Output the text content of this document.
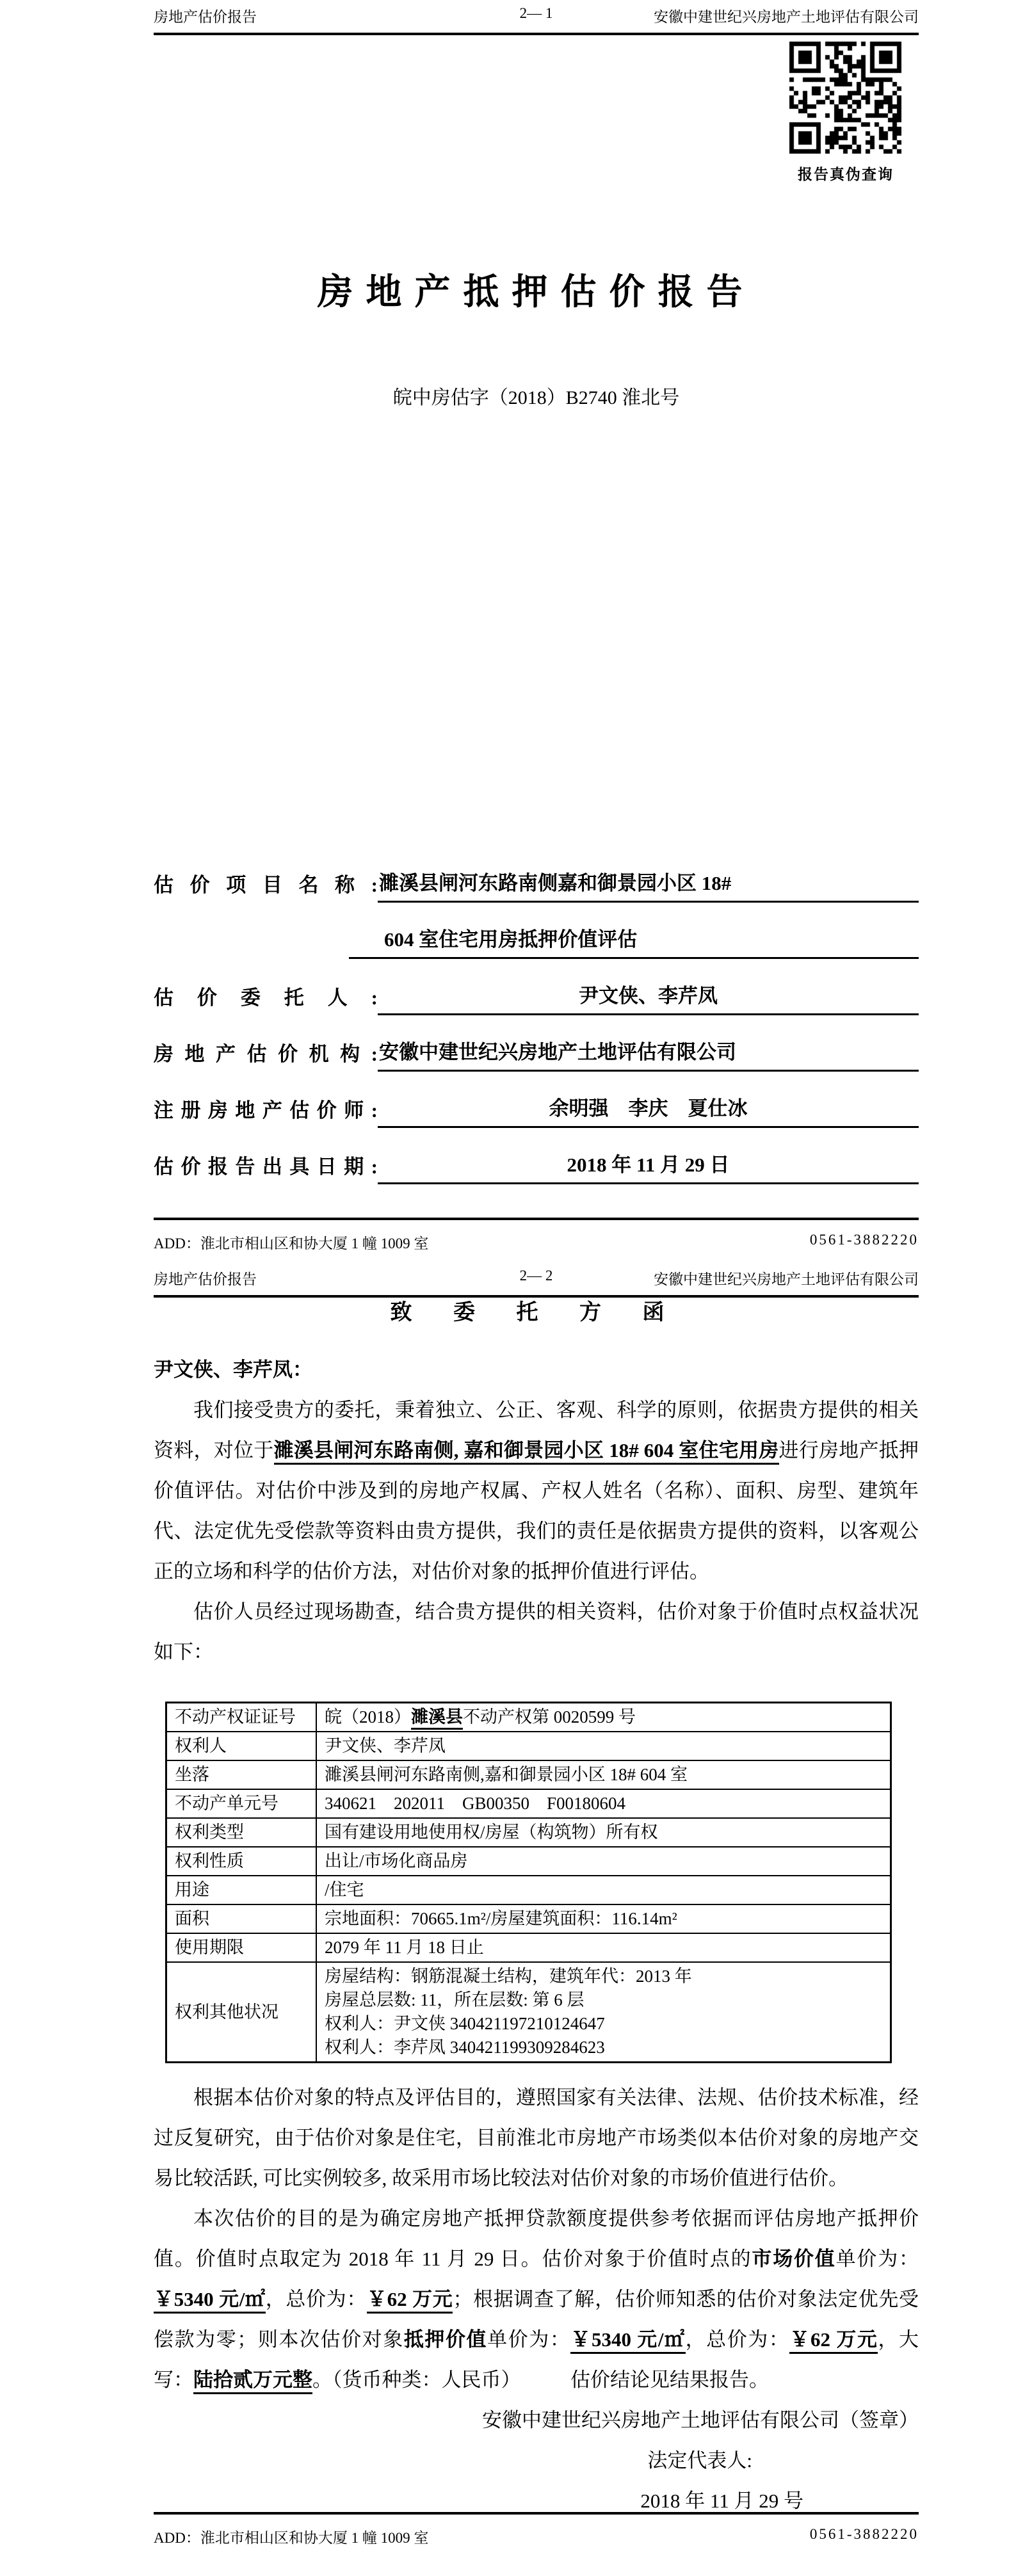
房地产估价报告	2— 1	安徽中建世纪兴房地产土地评估有限公司
报告真伪查询
房地产抵押估价报告
皖中房估字（2018）B2740 淮北号
估价项目名称: 濉溪县闸河东路南侧嘉和御景园小区 18#
604 室住宅用房抵押价值评估
估价委托人:	尹文侠、李芹凤
房地产估价机构: 安徽中建世纪兴房地产土地评估有限公司
注册房地产估价师:	余明强　李庆　夏仕冰
估价报告出具日期:	2018 年 11 月 29 日
ADD：淮北市相山区和协大厦 1 幢 1009 室	0561-3882220
房地产估价报告	2— 2	安徽中建世纪兴房地产土地评估有限公司
致 委 托 方 函
尹文侠、李芹凤：

我们接受贵方的委托，秉着独立、公正、客观、科学的原则，依据贵方提供的相关资料，对位于濉溪县闸河东路南侧, 嘉和御景园小区 18# 604 室住宅用房进行房地产抵押价值评估。对估价中涉及到的房地产权属、产权人姓名（名称）、面积、房型、建筑年代、法定优先受偿款等资料由贵方提供，我们的责任是依据贵方提供的资料，以客观公正的立场和科学的估价方法，对估价对象的抵押价值进行评估。

估价人员经过现场勘查，结合贵方提供的相关资料，估价对象于价值时点权益状况如下：

不动产权证证号	皖（2018）濉溪县不动产权第 0020599 号

权利人	尹文侠、李芹凤

坐落	濉溪县闸河东路南侧,嘉和御景园小区 18# 604 室

不动产单元号	340621　202011　GB00350　F00180604

权利类型	国有建设用地使用权/房屋（构筑物）所有权

权利性质	出让/市场化商品房

用途	/住宅

面积	宗地面积：70665.1m²/房屋建筑面积：116.14m²

使用期限	2079 年 11 月 18 日止

权利其他状况	房屋结构：钢筋混凝土结构，建筑年代：2013 年
房屋总层数: 11，所在层数: 第 6 层
权利人：尹文侠 340421197210124647
权利人：李芹凤 340421199309284623

根据本估价对象的特点及评估目的，遵照国家有关法律、法规、估价技术标准，经过反复研究，由于估价对象是住宅，目前淮北市房地产市场类似本估价对象的房地产交易比较活跃, 可比实例较多, 故采用市场比较法对估价对象的市场价值进行估价。

本次估价的目的是为确定房地产抵押贷款额度提供参考依据而评估房地产抵押价值。价值时点取定为 2018 年 11 月 29 日。估价对象于价值时点的市场价值单价为：￥5340 元/㎡，总价为：￥62 万元；根据调查了解，估价师知悉的估价对象法定优先受偿款为零；则本次估价对象抵押价值单价为：￥5340 元/㎡，总价为：￥62 万元，大写：陆拾贰万元整。（货币种类：人民币）　　　估价结论见结果报告。

安徽中建世纪兴房地产土地评估有限公司（签章）
法定代表人:
2018 年 11 月 29 号
ADD：淮北市相山区和协大厦 1 幢 1009 室	0561-3882220
